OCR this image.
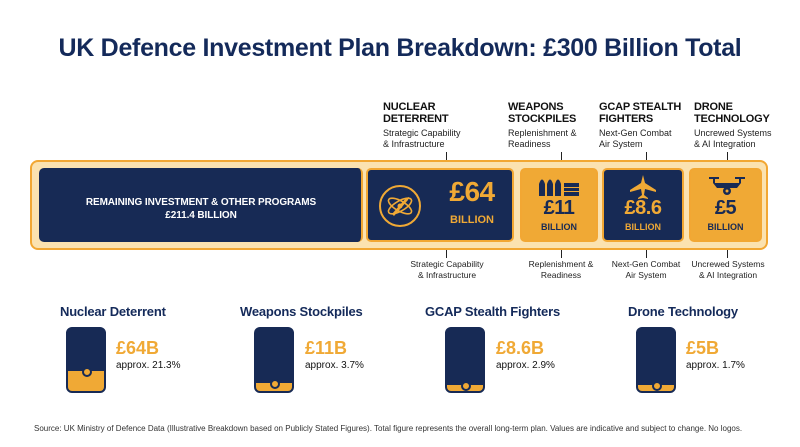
UK Defence Investment Plan Breakdown: £300 Billion Total
NUCLEAR
DETERRENT
Strategic Capability
& Infrastructure
WEAPONS
STOCKPILES
Replenishment &
Readiness
GCAP STEALTH
FIGHTERS
Next-Gen Combat
Air System
DRONE
TECHNOLOGY
Uncrewed Systems
& AI Integration
REMAINING INVESTMENT & OTHER PROGRAMS
£211.4 BILLION
£64
BILLION
£11
BILLION
£8.6
BILLION
£5
BILLION
Strategic Capability
& Infrastructure
Replenishment &
Readiness
Next-Gen Combat
Air System
Uncrewed Systems
& AI Integration
Nuclear Deterrent
£64B
approx. 21.3%
Weapons Stockpiles
£11B
approx. 3.7%
GCAP Stealth Fighters
£8.6B
approx. 2.9%
Drone Technology
£5B
approx. 1.7%
Source: UK Ministry of Defence Data (Illustrative Breakdown based on Publicly Stated Figures). Total figure represents the overall long-term plan. Values are indicative and subject to change. No logos.
